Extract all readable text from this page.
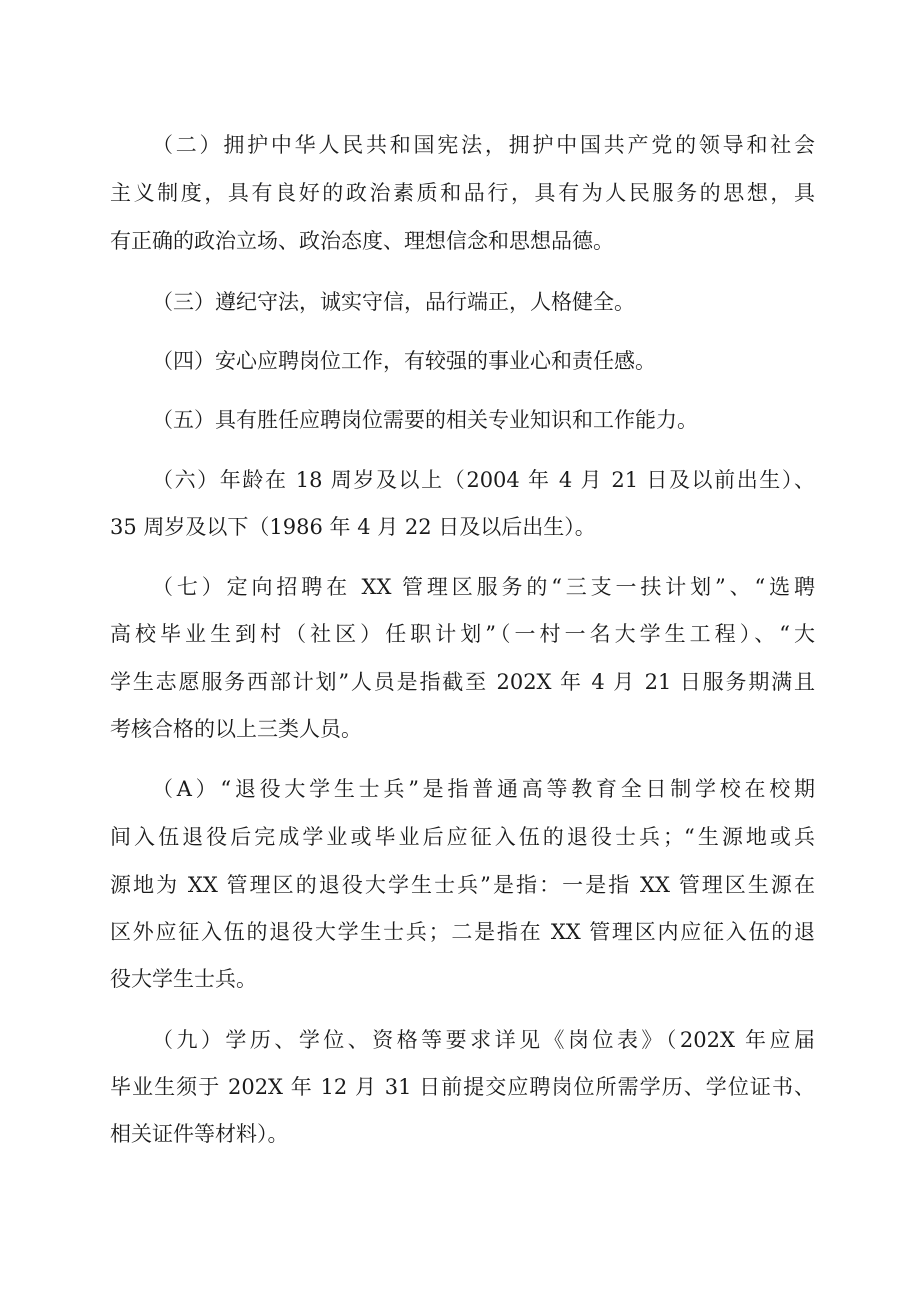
（二）拥护中华人民共和国宪法，拥护中国共产党的领导和社会
主义制度，具有良好的政治素质和品行，具有为人民服务的思想，具
有正确的政治立场、政治态度、理想信念和思想品德。
（三）遵纪守法，诚实守信，品行端正，人格健全。
（四）安心应聘岗位工作，有较强的事业心和责任感。
（五）具有胜任应聘岗位需要的相关专业知识和工作能力。
（六）年龄在 18 周岁及以上（2004 年 4 月 21 日及以前出生）、
35 周岁及以下（1986 年 4 月 22 日及以后出生）。
（七）定向招聘在 XX 管理区服务的“三支一扶计划”、“选聘
高校毕业生到村（社区）任职计划”（一村一名大学生工程）、“大
学生志愿服务西部计划”人员是指截至 202X 年 4 月 21 日服务期满且
考核合格的以上三类人员。
（A）“退役大学生士兵”是指普通高等教育全日制学校在校期
间入伍退役后完成学业或毕业后应征入伍的退役士兵；“生源地或兵
源地为 XX 管理区的退役大学生士兵”是指：一是指 XX 管理区生源在
区外应征入伍的退役大学生士兵；二是指在 XX 管理区内应征入伍的退
役大学生士兵。
（九）学历、学位、资格等要求详见《岗位表》（202X 年应届
毕业生须于 202X 年 12 月 31 日前提交应聘岗位所需学历、学位证书、
相关证件等材料）。
